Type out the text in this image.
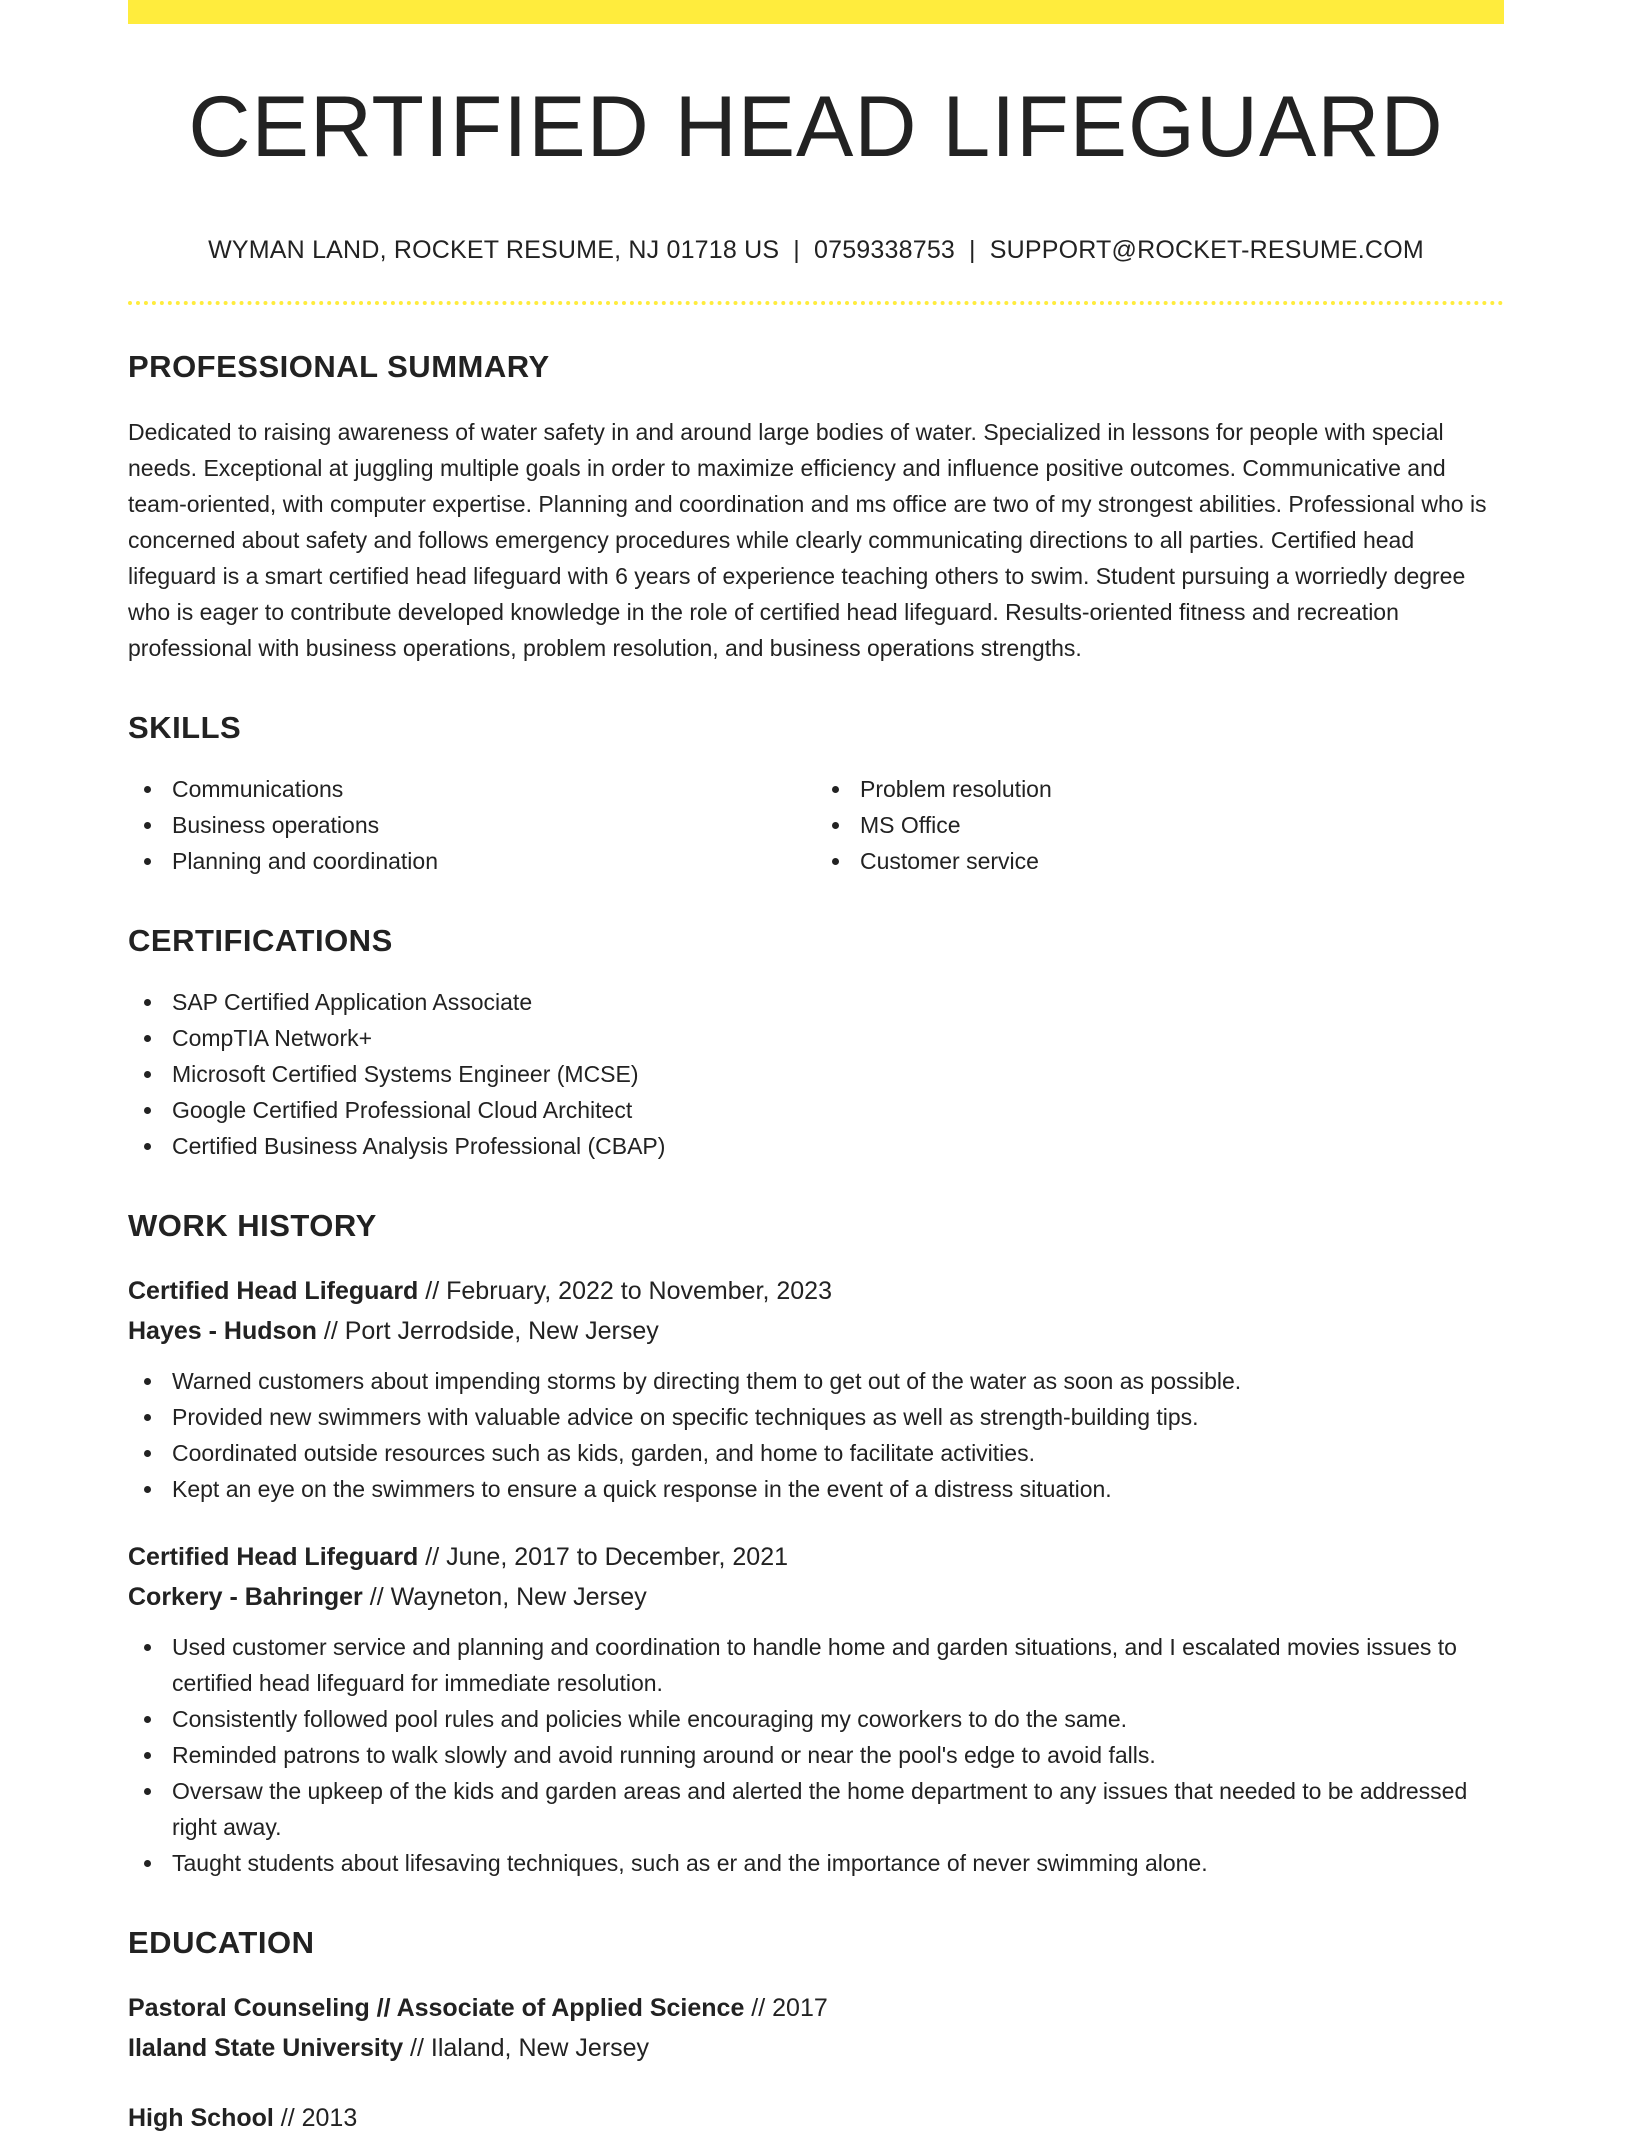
CERTIFIED HEAD LIFEGUARD
WYMAN LAND, ROCKET RESUME, NJ 01718 US | 0759338753 | SUPPORT@ROCKET-RESUME.COM
PROFESSIONAL SUMMARY

Dedicated to raising awareness of water safety in and around large bodies of water. Specialized in lessons for people with special needs. Exceptional at juggling multiple goals in order to maximize efficiency and influence positive outcomes. Communicative and team-oriented, with computer expertise. Planning and coordination and ms office are two of my strongest abilities. Professional who is concerned about safety and follows emergency procedures while clearly communicating directions to all parties. Certified head lifeguard is a smart certified head lifeguard with 6 years of experience teaching others to swim. Student pursuing a worriedly degree who is eager to contribute developed knowledge in the role of certified head lifeguard. Results-oriented fitness and recreation professional with business operations, problem resolution, and business operations strengths.

SKILLS
Communications
Business operations
Planning and coordination
Problem resolution
MS Office
Customer service
CERTIFICATIONS
SAP Certified Application Associate
CompTIA Network+
Microsoft Certified Systems Engineer (MCSE)
Google Certified Professional Cloud Architect
Certified Business Analysis Professional (CBAP)
WORK HISTORY
Certified Head Lifeguard // February, 2022 to November, 2023
Hayes - Hudson // Port Jerrodside, New Jersey
Warned customers about impending storms by directing them to get out of the water as soon as possible.
Provided new swimmers with valuable advice on specific techniques as well as strength-building tips.
Coordinated outside resources such as kids, garden, and home to facilitate activities.
Kept an eye on the swimmers to ensure a quick response in the event of a distress situation.
Certified Head Lifeguard // June, 2017 to December, 2021
Corkery - Bahringer // Wayneton, New Jersey
Used customer service and planning and coordination to handle home and garden situations, and I escalated movies issues to certified head lifeguard for immediate resolution.
Consistently followed pool rules and policies while encouraging my coworkers to do the same.
Reminded patrons to walk slowly and avoid running around or near the pool's edge to avoid falls.
Oversaw the upkeep of the kids and garden areas and alerted the home department to any issues that needed to be addressed right away.
Taught students about lifesaving techniques, such as er and the importance of never swimming alone.
EDUCATION
Pastoral Counseling // Associate of Applied Science // 2017
Ilaland State University // Ilaland, New Jersey
High School // 2013
